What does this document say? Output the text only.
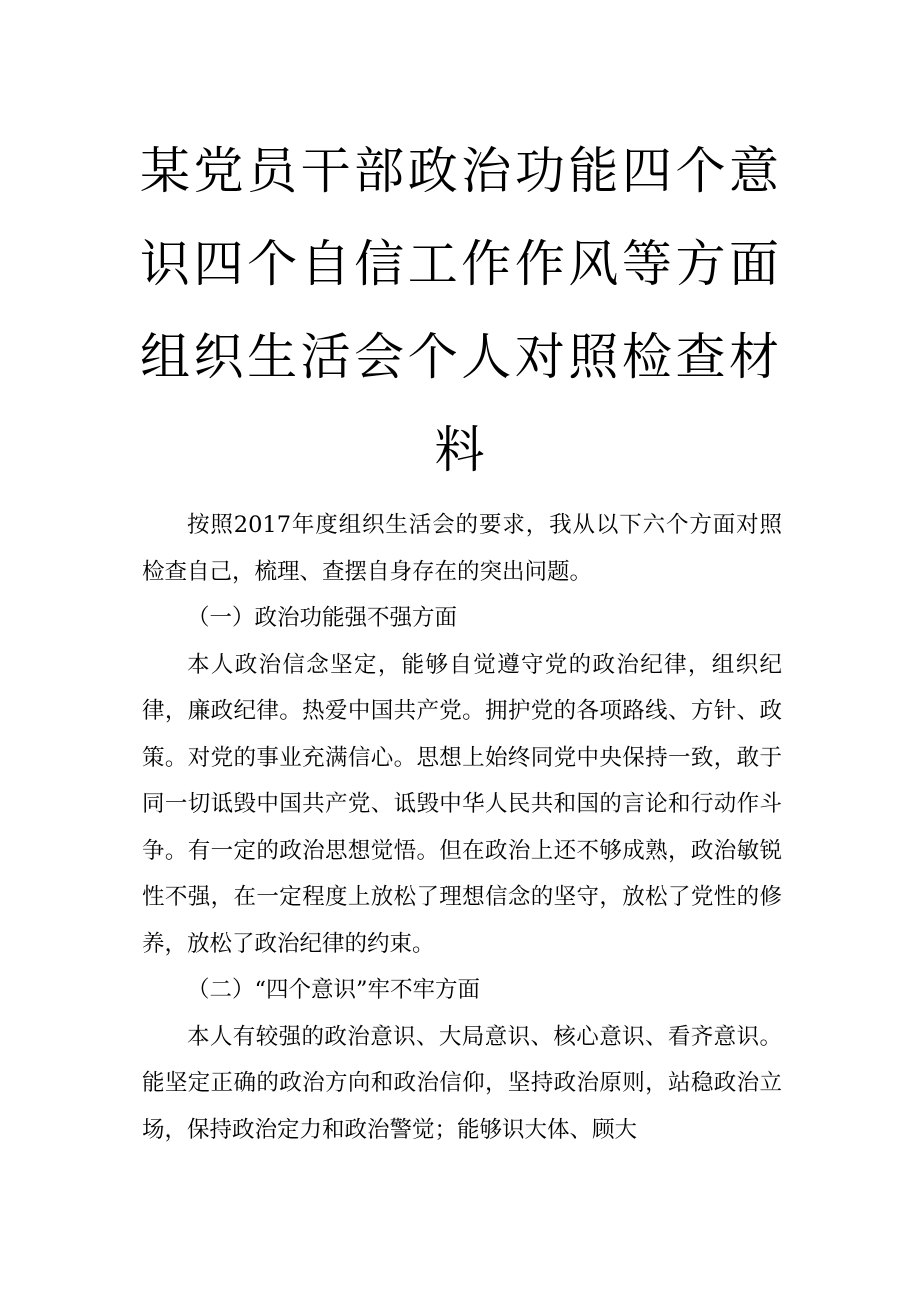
某党员干部政治功能四个意识四个自信工作作风等方面组织生活会个人对照检查材料

按照2017年度组织生活会的要求，我从以下六个方面对照检查自己，梳理、查摆自身存在的突出问题。

（一）政治功能强不强方面

本人政治信念坚定，能够自觉遵守党的政治纪律，组织纪律，廉政纪律。热爱中国共产党。拥护党的各项路线、方针、政策。对党的事业充满信心。思想上始终同党中央保持一致，敢于同一切诋毁中国共产党、诋毁中华人民共和国的言论和行动作斗争。有一定的政治思想觉悟。但在政治上还不够成熟，政治敏锐性不强，在一定程度上放松了理想信念的坚守，放松了党性的修养，放松了政治纪律的约束。

（二）“四个意识”牢不牢方面

本人有较强的政治意识、大局意识、核心意识、看齐意识。能坚定正确的政治方向和政治信仰，坚持政治原则，站稳政治立场，保持政治定力和政治警觉；能够识大体、顾大
